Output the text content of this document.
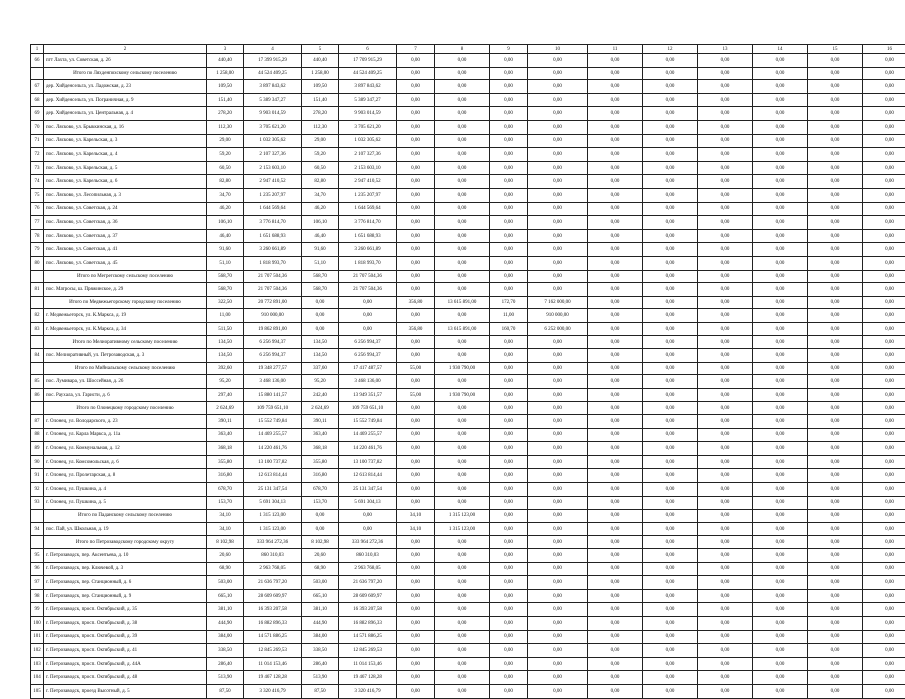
1	2	3	4	5	6	7	8	9	10	11	12	13	14	15	16
66	пгт Лахта, ул. Советская, д. 26	440,40	17 399 915,29	440,40	17 709 915,29	0,00	0,00	0,00	0,00	0,00	0,00	0,00	0,00	0,00	0,00
	Итого по Ляхденпохскому сельскому поселению	1 258,00	44 524 409,25	1 258,00	44 524 409,25	0,00	0,00	0,00	0,00	0,00	0,00	0,00	0,00	0,00	0,00
67	дер. Хийденсельга, ул. Ладожская, д. 23	109,50	3 897 843,62	109,50	3 897 843,62	0,00	0,00	0,00	0,00	0,00	0,00	0,00	0,00	0,00	0,00
68	дер. Хийденсельга, ул. Пограничная, д. 9	151,40	5 389 347,27	151,40	5 389 347,27	0,00	0,00	0,00	0,00	0,00	0,00	0,00	0,00	0,00	0,00
69	дер. Хийденсельга, ул. Центральная, д. 4	278,20	9 903 014,59	278,20	9 903 014,59	0,00	0,00	0,00	0,00	0,00	0,00	0,00	0,00	0,00	0,00
70	пос. Лясково, ул. Брыккинская, д. 16	112,30	3 705 621,20	112,30	3 705 621,20	0,00	0,00	0,00	0,00	0,00	0,00	0,00	0,00	0,00	0,00
71	пос. Лясково, ул. Карельская, д. 3	29,00	1 032 305,62	29,00	1 032 305,62	0,00	0,00	0,00	0,00	0,00	0,00	0,00	0,00	0,00	0,00
72	пос. Лясково, ул. Карельская, д. 4	59,20	2 107 327,36	59,20	2 107 327,36	0,00	0,00	0,00	0,00	0,00	0,00	0,00	0,00	0,00	0,00
73	пос. Лясково, ул. Карельская, д. 5	60,50	2 153 603,10	60,50	2 153 603,10	0,00	0,00	0,00	0,00	0,00	0,00	0,00	0,00	0,00	0,00
74	пос. Лясково, ул. Карельская, д. 6	82,80	2 947 410,52	82,80	2 947 410,52	0,00	0,00	0,00	0,00	0,00	0,00	0,00	0,00	0,00	0,00
75	пос. Лясково, ул. Лесопильная, д. 3	34,70	1 235 207,97	34,70	1 235 207,97	0,00	0,00	0,00	0,00	0,00	0,00	0,00	0,00	0,00	0,00
76	пос. Лясково, ул. Советская, д. 24	46,20	1 644 569,64	46,20	1 644 569,64	0,00	0,00	0,00	0,00	0,00	0,00	0,00	0,00	0,00	0,00
77	пос. Лясково, ул. Советская, д. 36	106,10	3 776 814,70	106,10	3 776 814,70	0,00	0,00	0,00	0,00	0,00	0,00	0,00	0,00	0,00	0,00
78	пос. Лясково, ул. Советская, д. 37	46,40	1 651 688,93	46,40	1 651 688,93	0,00	0,00	0,00	0,00	0,00	0,00	0,00	0,00	0,00	0,00
79	пос. Лясково, ул. Советская, д. 41	91,60	3 260 661,89	91,60	3 260 661,89	0,00	0,00	0,00	0,00	0,00	0,00	0,00	0,00	0,00	0,00
80	пос. Лясково, ул. Советская, д. 45	51,10	1 818 993,70	51,10	1 818 993,70	0,00	0,00	0,00	0,00	0,00	0,00	0,00	0,00	0,00	0,00
	Итого по Мегрегскому сельскому поселению	568,70	21 707 504,36	568,70	21 707 504,36	0,00	0,00	0,00	0,00	0,00	0,00	0,00	0,00	0,00	0,00
81	пос. Матросы, ш. Пряжинское, д. 29	568,70	21 707 504,36	568,70	21 707 504,36	0,00	0,00	0,00	0,00	0,00	0,00	0,00	0,00	0,00	0,00
	Итого по Медвежьегорскому городскому поселению	322,50	20 772 891,00	0,00	0,00	356,80	13 615 891,00	172,70	7 162 000,00	0,00	0,00	0,00	0,00	0,00	0,00
82	г. Медвежьегорск, ул. К.Маркса, д. 19	11,00	910 000,00	0,00	0,00	0,00	0,00	11,00	910 000,00	0,00	0,00	0,00	0,00	0,00	0,00
83	г. Медвежьегорск, ул. К.Маркса, д. 34	511,50	19 862 891,00	0,00	0,00	356,80	13 615 891,00	160,70	6 252 000,00	0,00	0,00	0,00	0,00	0,00	0,00
	Итого по Мелиоративному сельскому поселению	134,50	6 256 994,37	134,50	6 256 994,37	0,00	0,00	0,00	0,00	0,00	0,00	0,00	0,00	0,00	0,00
84	пос. Мелиоративный, ул. Петрозаводская, д. 3	134,50	6 256 994,37	134,50	6 256 994,37	0,00	0,00	0,00	0,00	0,00	0,00	0,00	0,00	0,00	0,00
	Итого по Мийнальскому сельскому поселению	392,60	19 348 277,57	337,60	17 417 487,57	55,00	1 930 790,00	0,00	0,00	0,00	0,00	0,00	0,00	0,00	0,00
85	пос. Лумивара, ул. Шоссейная, д. 26	95,20	3 468 136,00	95,20	3 468 136,00	0,00	0,00	0,00	0,00	0,00	0,00	0,00	0,00	0,00	0,00
86	пос. Раухала, ул. Гаристи, д. 6	297,40	15 880 141,57	242,40	13 949 351,57	55,00	1 930 790,00	0,00	0,00	0,00	0,00	0,00	0,00	0,00	0,00
	Итого по Олонецкому городскому поселению	2 624,69	109 759 651,10	2 624,69	109 759 651,10	0,00	0,00	0,00	0,00	0,00	0,00	0,00	0,00	0,00	0,00
87	г. Олонец, ул. Володарского, д. 23	390,11	15 552 749,84	390,11	15 552 749,84	0,00	0,00	0,00	0,00	0,00	0,00	0,00	0,00	0,00	0,00
88	г. Олонец, ул. Карла Маркса, д. 11а	363,40	14 469 255,57	363,40	14 469 255,57	0,00	0,00	0,00	0,00	0,00	0,00	0,00	0,00	0,00	0,00
89	г. Олонец, ул. Коммунальная, д. 12	368,18	14 220 461,76	368,18	14 220 461,76	0,00	0,00	0,00	0,00	0,00	0,00	0,00	0,00	0,00	0,00
90	г. Олонец, ул. Комсомольская, д. 6	355,80	13 100 737,82	355,80	13 100 737,82	0,00	0,00	0,00	0,00	0,00	0,00	0,00	0,00	0,00	0,00
91	г. Олонец, ул. Пролетарская, д. 8	316,80	12 613 814,44	316,80	12 613 814,44	0,00	0,00	0,00	0,00	0,00	0,00	0,00	0,00	0,00	0,00
92	г. Олонец, ул. Пушкина, д. 4	678,70	25 131 347,54	678,70	25 131 347,54	0,00	0,00	0,00	0,00	0,00	0,00	0,00	0,00	0,00	0,00
93	г. Олонец, ул. Пушкина, д. 5	153,70	5 691 304,13	153,70	5 691 304,13	0,00	0,00	0,00	0,00	0,00	0,00	0,00	0,00	0,00	0,00
	Итого по Паданскому сельскому поселению	34,10	1 315 123,00	0,00	0,00	34,10	1 315 123,00	0,00	0,00	0,00	0,00	0,00	0,00	0,00	0,00
94	пос. Пай, ул. Школьная, д. 19	34,10	1 315 123,00	0,00	0,00	34,10	1 315 123,00	0,00	0,00	0,00	0,00	0,00	0,00	0,00	0,00
	Итого по Петрозаводскому городскому округу	8 102,98	333 964 272,36	8 102,98	333 964 272,36	0,00	0,00	0,00	0,00	0,00	0,00	0,00	0,00	0,00	0,00
95	г. Петрозаводск, пер. Аксентьева, д. 10	20,60	860 310,03	20,60	860 310,03	0,00	0,00	0,00	0,00	0,00	0,00	0,00	0,00	0,00	0,00
96	г. Петрозаводск, пер. Ключевой, д. 3	68,90	2 963 768,05	68,90	2 963 768,05	0,00	0,00	0,00	0,00	0,00	0,00	0,00	0,00	0,00	0,00
97	г. Петрозаводск, пер. Станционный, д. 6	503,00	21 636 797,20	503,00	21 636 797,20	0,00	0,00	0,00	0,00	0,00	0,00	0,00	0,00	0,00	0,00
98	г. Петрозаводск, пер. Станционный, д. 9	665,10	28 609 609,97	665,10	28 609 609,97	0,00	0,00	0,00	0,00	0,00	0,00	0,00	0,00	0,00	0,00
99	г. Петрозаводск, просп. Октябрьский, д. 35	381,10	16 393 207,58	381,10	16 393 207,58	0,00	0,00	0,00	0,00	0,00	0,00	0,00	0,00	0,00	0,00
100	г. Петрозаводск, просп. Октябрьский, д. 38	444,90	16 882 896,33	444,90	16 882 896,33	0,00	0,00	0,00	0,00	0,00	0,00	0,00	0,00	0,00	0,00
101	г. Петрозаводск, просп. Октябрьский, д. 39	384,00	14 571 886,25	384,00	14 571 886,25	0,00	0,00	0,00	0,00	0,00	0,00	0,00	0,00	0,00	0,00
102	г. Петрозаводск, просп. Октябрьский, д. 41	338,50	12 845 269,53	338,50	12 845 269,53	0,00	0,00	0,00	0,00	0,00	0,00	0,00	0,00	0,00	0,00
103	г. Петрозаводск, просп. Октябрьский, д. 44А	286,40	11 014 153,46	286,40	11 014 153,46	0,00	0,00	0,00	0,00	0,00	0,00	0,00	0,00	0,00	0,00
104	г. Петрозаводск, просп. Октябрьский, д. 48	513,90	19 467 128,28	513,90	19 467 128,28	0,00	0,00	0,00	0,00	0,00	0,00	0,00	0,00	0,00	0,00
105	г. Петрозаводск, проезд Высотный, д. 5	87,50	3 320 416,79	87,50	3 320 416,79	0,00	0,00	0,00	0,00	0,00	0,00	0,00	0,00	0,00	0,00
